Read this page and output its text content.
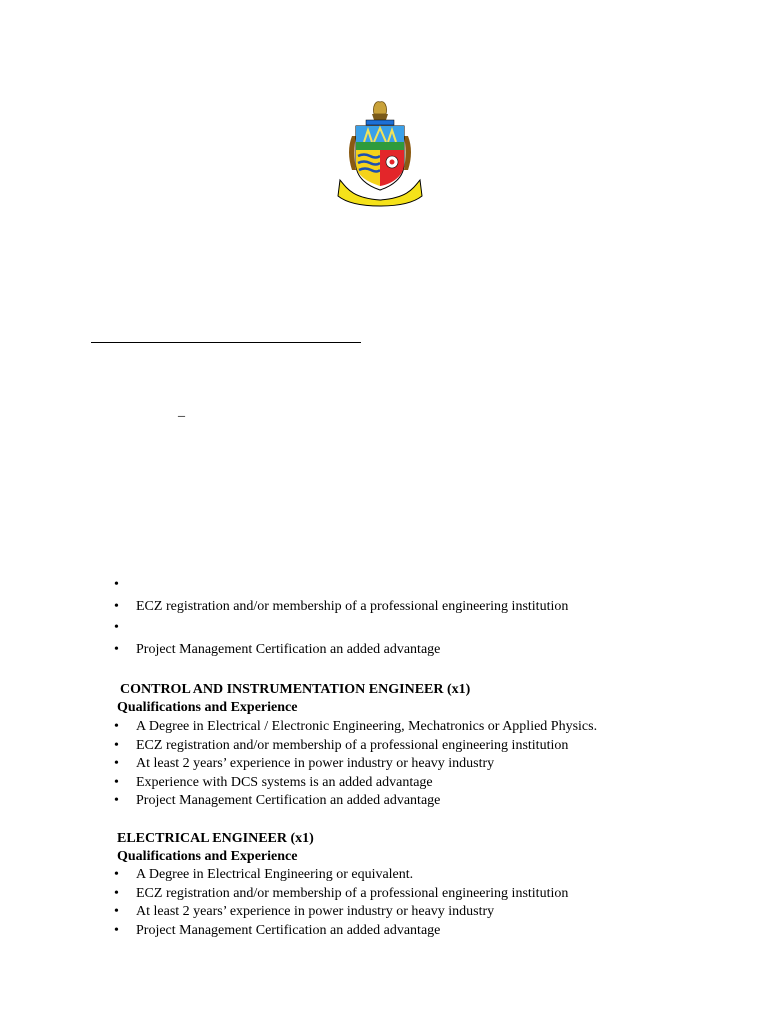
_
•
• ECZ registration and/or membership of a professional engineering institution
•
• Project Management Certification an added advantage
CONTROL AND INSTRUMENTATION ENGINEER (x1)
Qualifications and Experience
• A Degree in Electrical / Electronic Engineering, Mechatronics or Applied Physics.
• ECZ registration and/or membership of a professional engineering institution
• At least 2 years’ experience in power industry or heavy industry
• Experience with DCS systems is an added advantage
• Project Management Certification an added advantage
ELECTRICAL ENGINEER (x1)
Qualifications and Experience
• A Degree in Electrical Engineering or equivalent.
• ECZ registration and/or membership of a professional engineering institution
• At least 2 years’ experience in power industry or heavy industry
• Project Management Certification an added advantage
